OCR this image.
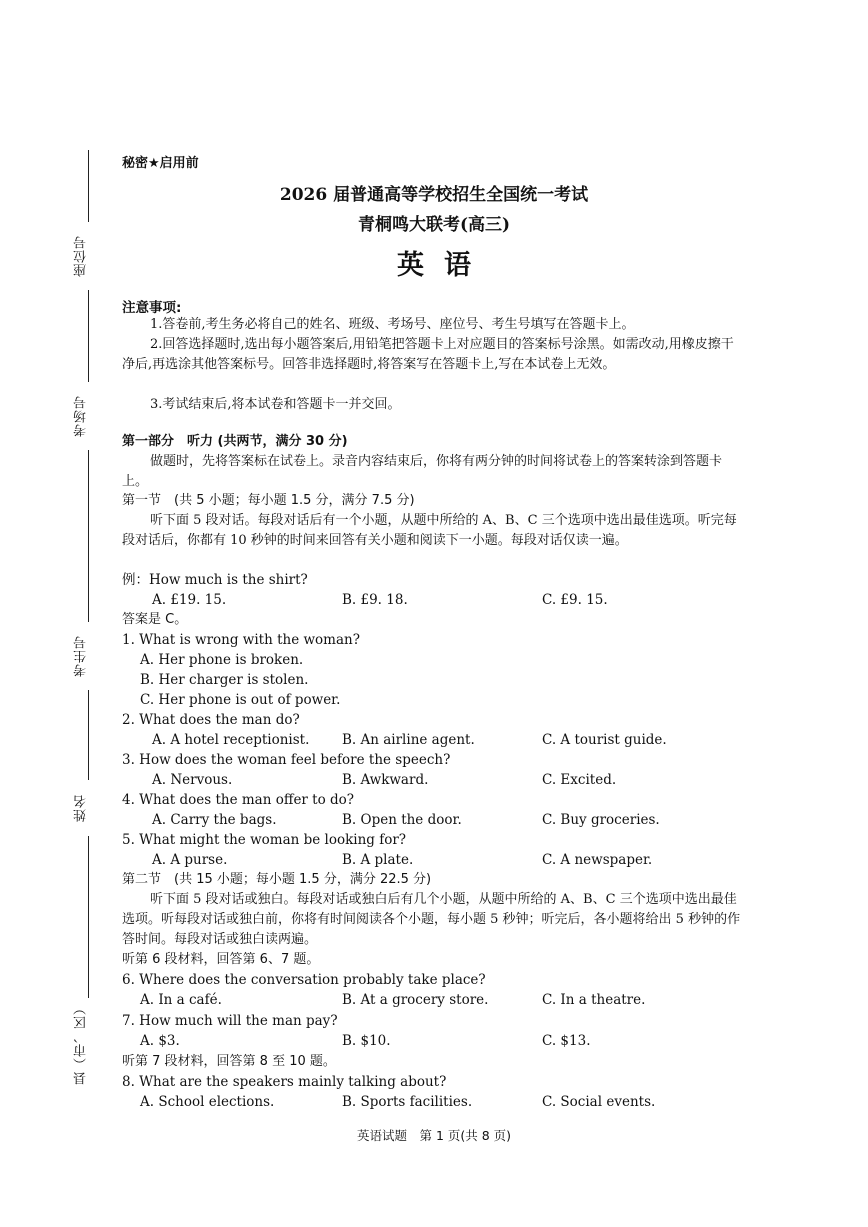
座位号
考场号
考生号
姓名
县（市、区）
秘密★启用前
2026 届普通高等学校招生全国统一考试
青桐鸣大联考(高三)
英语
注意事项:
1.答卷前,考生务必将自己的姓名、班级、考场号、座位号、考生号填写在答题卡上。
2.回答选择题时,选出每小题答案后,用铅笔把答题卡上对应题目的答案标号涂黑。如需改动,用橡皮擦干净后,再选涂其他答案标号。回答非选择题时,将答案写在答题卡上,写在本试卷上无效。
3.考试结束后,将本试卷和答题卡一并交回。
第一部分　听力 (共两节，满分 30 分)
做题时，先将答案标在试卷上。录音内容结束后，你将有两分钟的时间将试卷上的答案转涂到答题卡上。
第一节　(共 5 小题；每小题 1.5 分，满分 7.5 分)
听下面 5 段对话。每段对话后有一个小题，从题中所给的 A、B、C 三个选项中选出最佳选项。听完每段对话后，你都有 10 秒钟的时间来回答有关小题和阅读下一小题。每段对话仅读一遍。
例：How much is the shirt?
A. £19. 15.	B. £9. 18.	C. £9. 15.
答案是 C。
1. What is wrong with the woman?
A. Her phone is broken.
B. Her charger is stolen.
C. Her phone is out of power.
2. What does the man do?
A. A hotel receptionist. B. An airline agent.	C. A tourist guide.
3. How does the woman feel before the speech?
A. Nervous.	B. Awkward.	C. Excited.
4. What does the man offer to do?
A. Carry the bags.	B. Open the door.	C. Buy groceries.
5. What might the woman be looking for?
A. A purse.	B. A plate.	C. A newspaper.
第二节　(共 15 小题；每小题 1.5 分，满分 22.5 分)
听下面 5 段对话或独白。每段对话或独白后有几个小题，从题中所给的 A、B、C 三个选项中选出最佳选项。听每段对话或独白前，你将有时间阅读各个小题，每小题 5 秒钟；听完后，各小题将给出 5 秒钟的作答时间。每段对话或独白读两遍。
听第 6 段材料，回答第 6、7 题。
6. Where does the conversation probably take place?
A. In a café.	B. At a grocery store.	C. In a theatre.
7. How much will the man pay?
A. $3.	B. $10.	C. $13.
听第 7 段材料，回答第 8 至 10 题。
8. What are the speakers mainly talking about?
A. School elections.	B. Sports facilities.	C. Social events.
英语试题　第 1 页(共 8 页)
